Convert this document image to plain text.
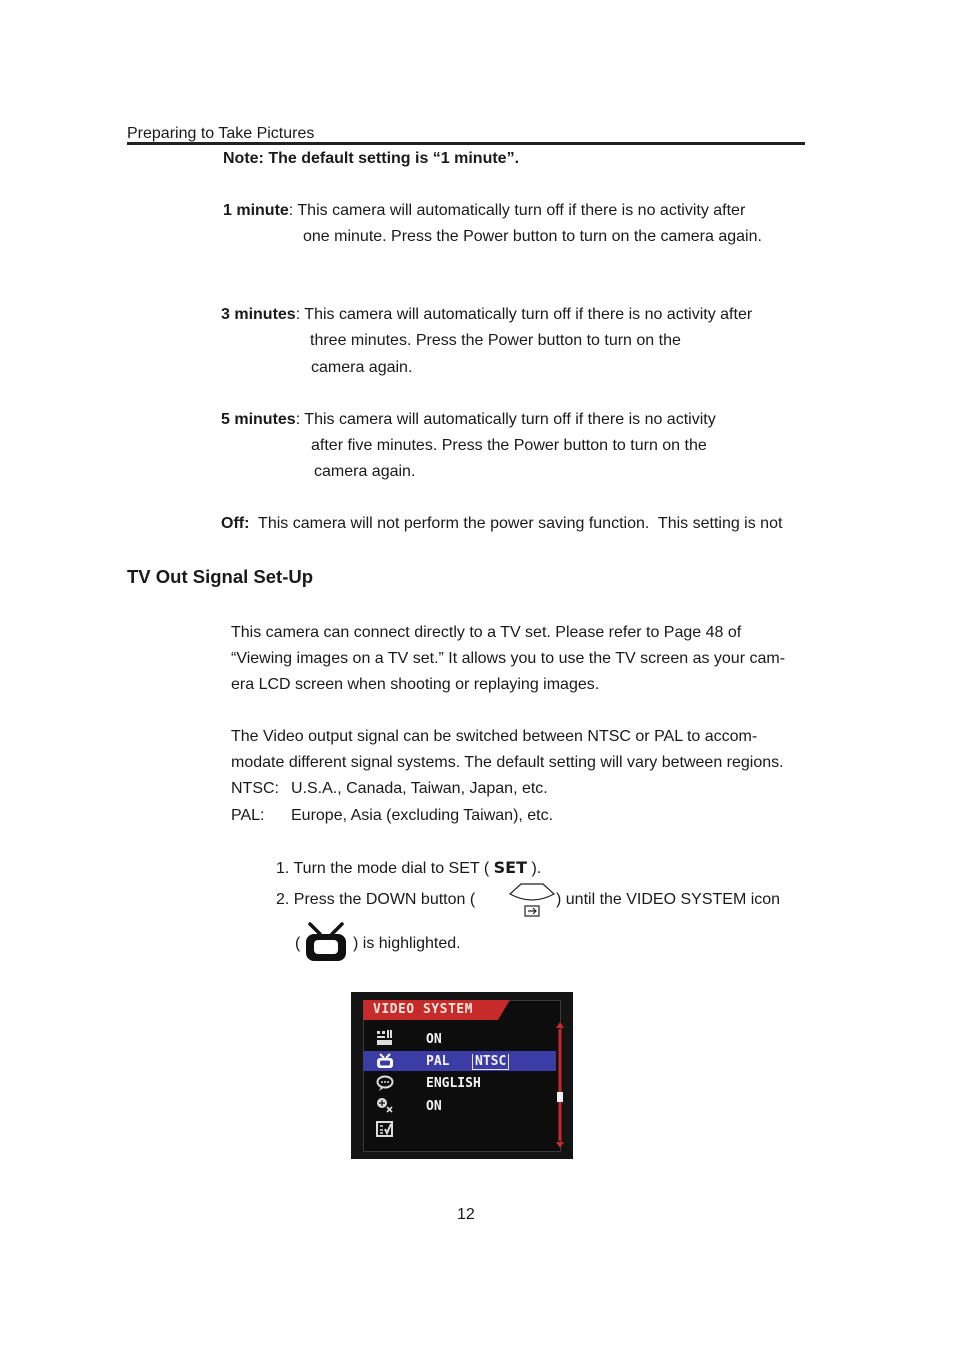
Preparing to Take Pictures
Note: The default setting is “1 minute”.
1 minute: This camera will automatically turn off if there is no activity after
one minute. Press the Power button to turn on the camera again.
3 minutes: This camera will automatically turn off if there is no activity after
three minutes. Press the Power button to turn on the
camera again.
5 minutes: This camera will automatically turn off if there is no activity
after five minutes. Press the Power button to turn on the
camera again.
Off:  This camera will not perform the power saving function.  This setting is not
TV Out Signal Set-Up
This camera can connect directly to a TV set. Please refer to Page 48 of
“Viewing images on a TV set.” It allows you to use the TV screen as your cam-
era LCD screen when shooting or replaying images.
The Video output signal can be switched between NTSC or PAL to accom-
modate different signal systems. The default setting will vary between regions.
NTSC: U.S.A., Canada, Taiwan, Japan, etc.
PAL: Europe, Asia (excluding Taiwan), etc.
1. Turn the mode dial to SET ( SET ).
2. Press the DOWN button (	) until the VIDEO SYSTEM icon
(	) is highlighted.
VIDEO SYSTEM
ON
PAL NTSC
ENGLISH
ON
12
